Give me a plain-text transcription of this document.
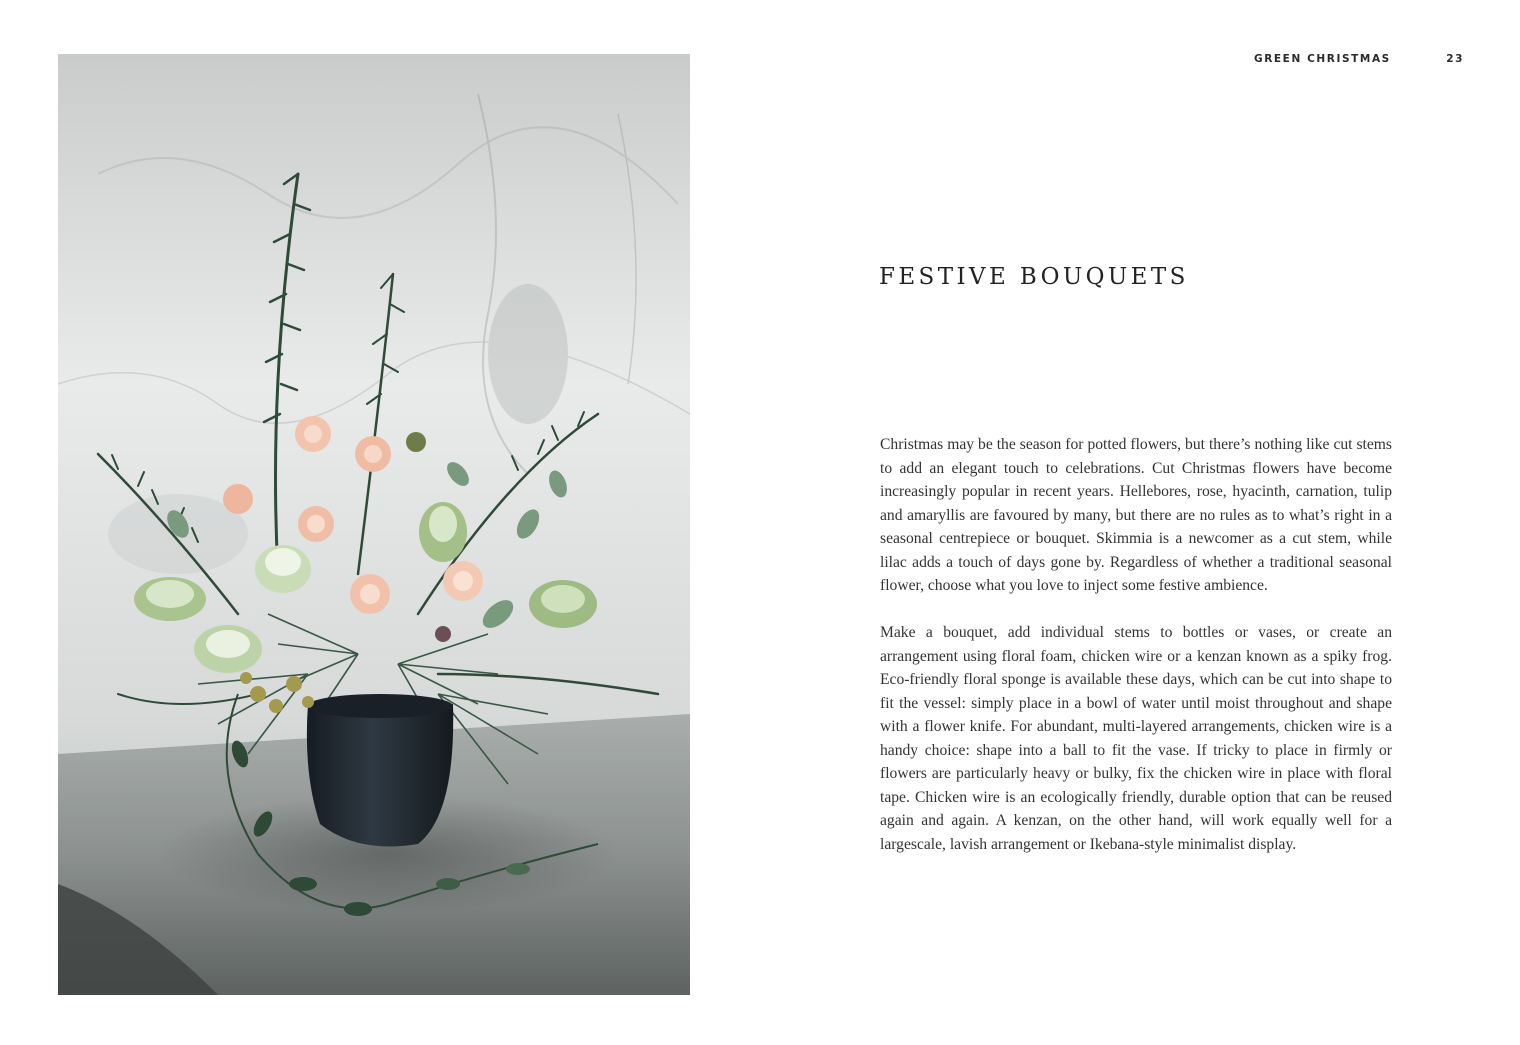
GREEN CHRISTMAS	23
FESTIVE BOUQUETS

Christmas may be the season for potted flowers, but there’s nothing like cut stems to add an elegant touch to celebrations. Cut Christmas flowers have become increasingly popular in recent years. Hellebores, rose, hyacinth, carnation, tulip and amaryllis are favoured by many, but there are no rules as to what’s right in a seasonal centrepiece or bouquet. Skimmia is a newcomer as a cut stem, while lilac adds a touch of days gone by. Regardless of whether a traditional seasonal flower, choose what you love to inject some festive ambience.

Make a bouquet, add individual stems to bottles or vases, or create an arrangement using floral foam, chicken wire or a kenzan known as a spiky frog. Eco-friendly floral sponge is available these days, which can be cut into shape to fit the vessel: simply place in a bowl of water until moist throughout and shape with a flower knife. For abundant, multi-layered arrangements, chicken wire is a handy choice: shape into a ball to fit the vase. If tricky to place in firmly or flowers are particularly heavy or bulky, fix the chicken wire in place with floral tape. Chicken wire is an ecologically friendly, durable option that can be reused again and again. A kenzan, on the other hand, will work equally well for a largescale, lavish arrangement or Ikebana-style minimalist display.
